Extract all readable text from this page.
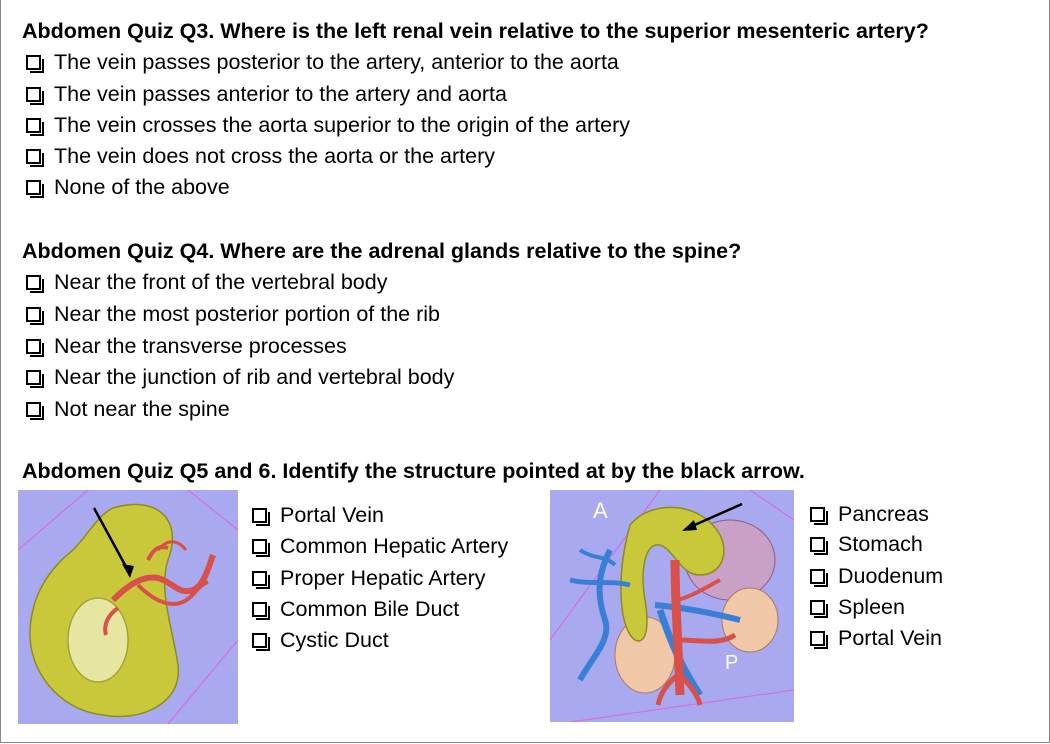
Abdomen Quiz Q3. Where is the left renal vein relative to the superior mesenteric artery?
The vein passes posterior to the artery, anterior to the aorta
The vein passes anterior to the artery and aorta
The vein crosses the aorta superior to the origin of the artery
The vein does not cross the aorta or the artery
None of the above
Abdomen Quiz Q4. Where are the adrenal glands relative to the spine?
Near the front of the vertebral body
Near the most posterior portion of the rib
Near the transverse processes
Near the junction of rib and vertebral body
Not near the spine
Abdomen Quiz Q5 and 6. Identify the structure pointed at by the black arrow.
Portal Vein
Common Hepatic Artery
Proper Hepatic Artery
Common Bile Duct
Cystic Duct
A
P
Pancreas
Stomach
Duodenum
Spleen
Portal Vein
